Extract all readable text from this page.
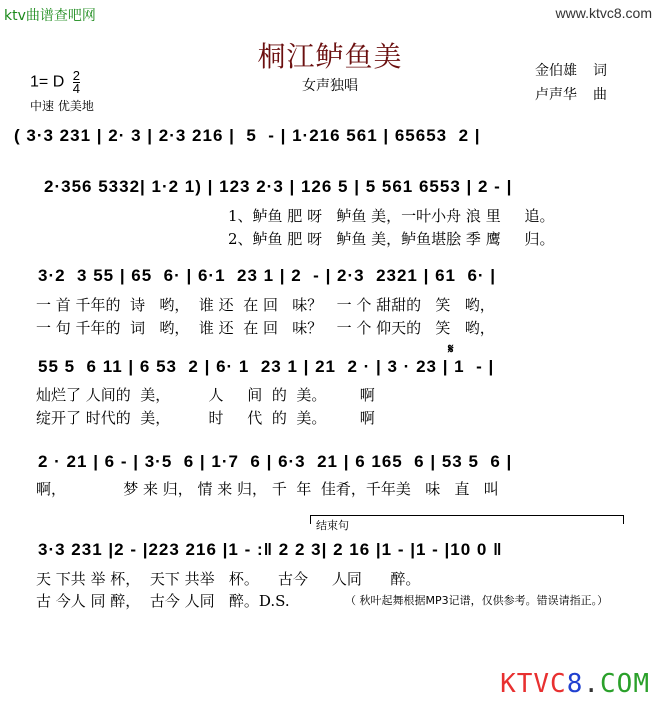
ktv曲谱查吧网	www.ktvc8.com
桐江鲈鱼美
女声独唱
1= D $\frac{2}{4}$
中速 优美地
金伯雄 词
卢声华 曲
( 3·3 231 | 2· 3 | 2·3 216 |  5  - | 1·216 561 | 65653  2 |
2·356 5332| 1·2 1) | 123 2·3 | 126 5 | 5 561 6553 | 2 - |
1、鲈鱼 肥 呀   鲈鱼 美，一叶小舟 浪 里     追。
2、鲈鱼 肥 呀   鲈鱼 美，鲈鱼堪脍 季 鹰     归。
3·2  3 55 | 65  6· | 6·1  23 1 | 2  - | 2·3  2321 | 61  6· |
一 首 千年的  诗   哟，  谁 还  在 回   味？   一 个 甜甜的   笑   哟，
一 句 千年的  词   哟，  谁 还  在 回   味？   一 个 仰天的   笑   哟，
55 5  6 11 | 6 53  2 | 6· 1  23 1 | 21  2 · | 3 · 23 | 1  - |
𝄋
灿烂了 人间的  美，        人     间  的  美。       啊
绽开了 时代的  美，        时     代  的  美。       啊
2 · 21 | 6 - | 3·5  6 | 1·7  6 | 6·3  21 | 6 165  6 | 53 5  6 |
啊，            梦 来 归， 情 来 归， 千  年  佳肴，千年美   味   直   叫
结束句
3·3 231 |2 - |223 216 |1 - :‖ 2 2 3| 2 16 |1 - |1 - |10 0 ‖
天 下共 举 杯，  天下 共举   杯。    古今     人同      醉。
古 今人 同 醉，  古今 人同   醉。D.S.	（ 秋叶起舞根据MP3记谱，仅供参考。错误请指正。）
KTVC8.COM
